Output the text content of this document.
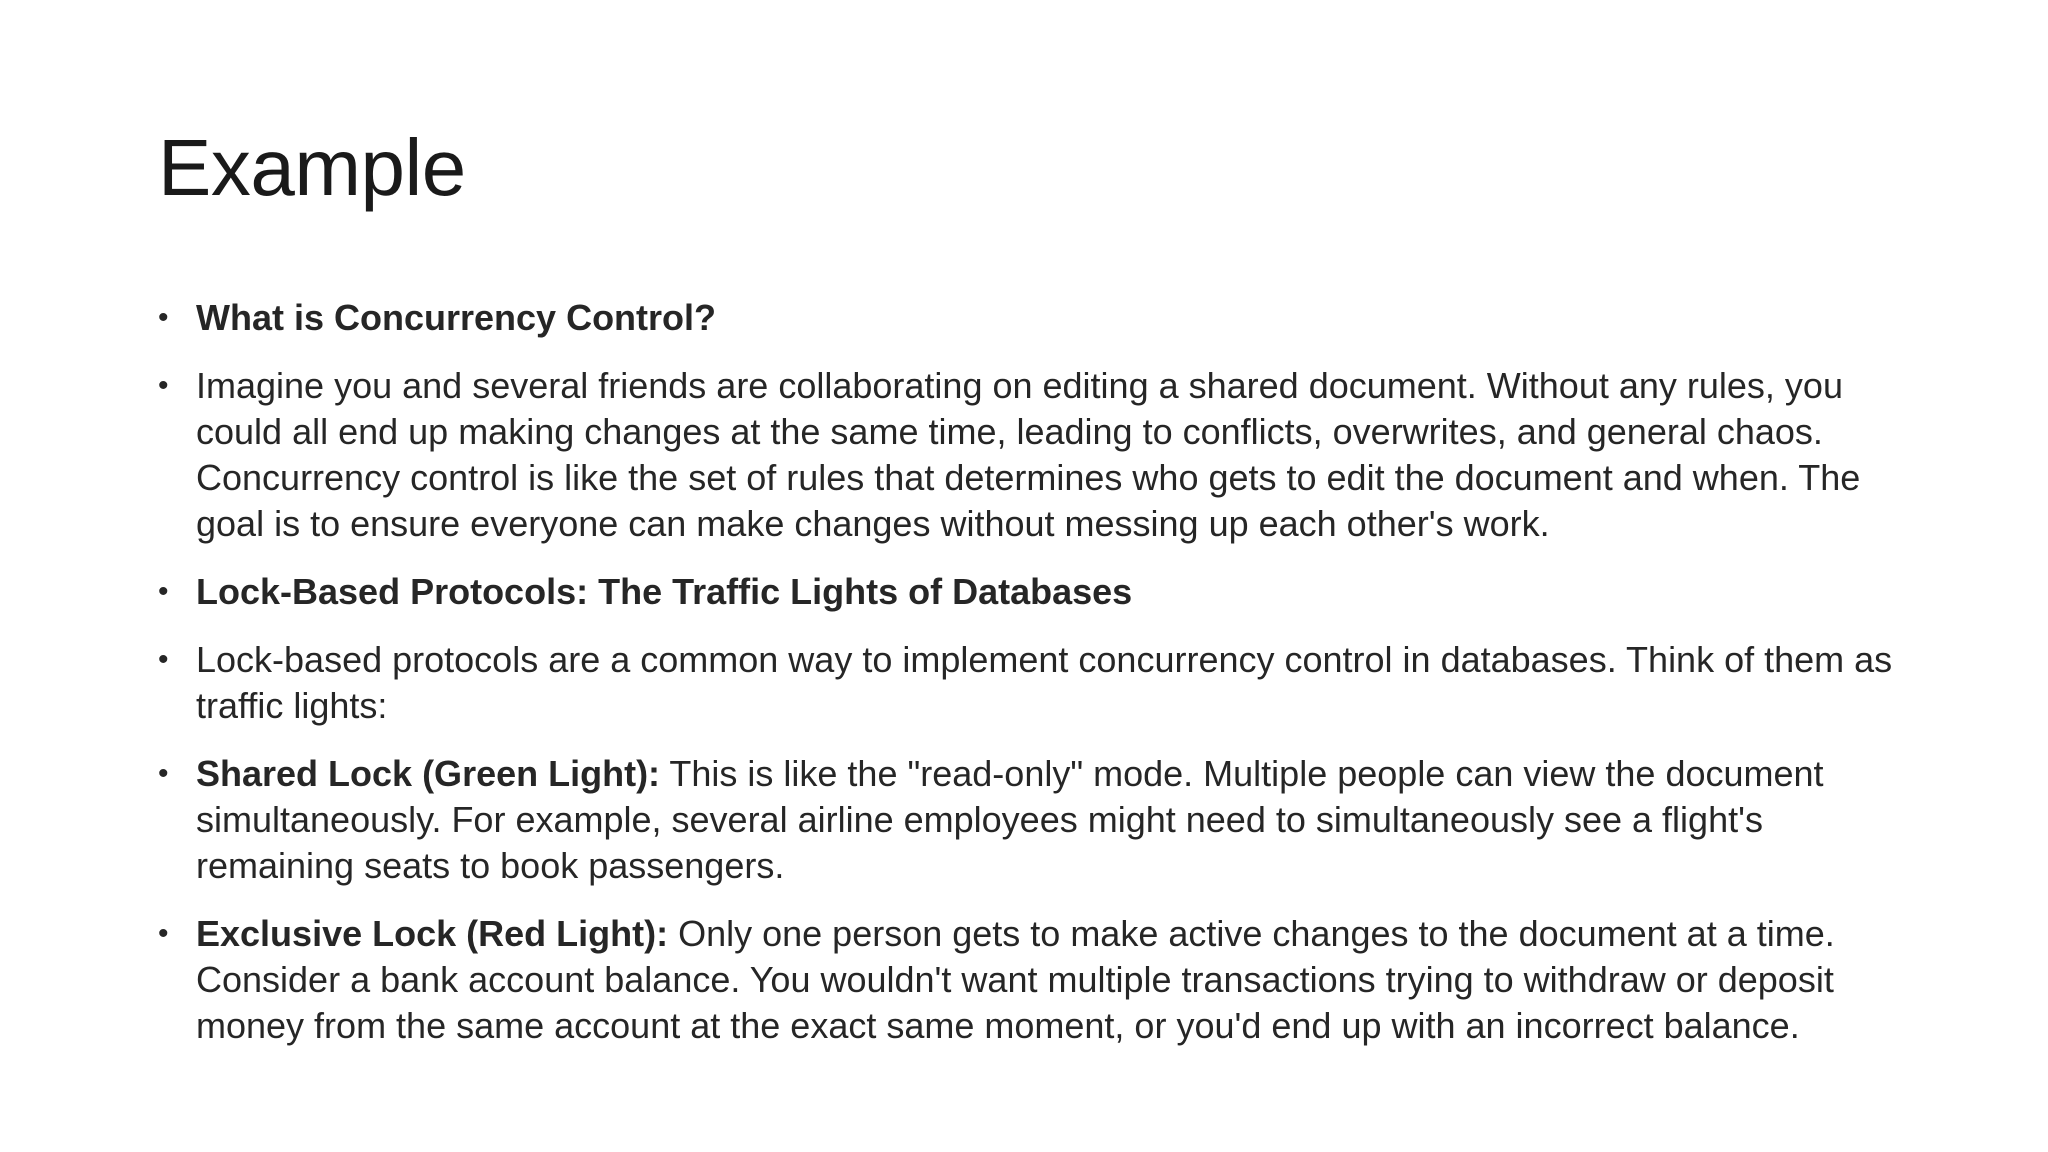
Example
• What is Concurrency Control?
• Imagine you and several friends are collaborating on editing a shared document. Without any rules, you could all end up making changes at the same time, leading to conflicts, overwrites, and general chaos. Concurrency control is like the set of rules that determines who gets to edit the document and when. The goal is to ensure everyone can make changes without messing up each other's work.
• Lock-Based Protocols: The Traffic Lights of Databases
• Lock-based protocols are a common way to implement concurrency control in databases. Think of them as traffic lights:
• Shared Lock (Green Light): This is like the "read-only" mode. Multiple people can view the document simultaneously. For example, several airline employees might need to simultaneously see a flight's remaining seats to book passengers.
• Exclusive Lock (Red Light): Only one person gets to make active changes to the document at a time. Consider a bank account balance. You wouldn't want multiple transactions trying to withdraw or deposit money from the same account at the exact same moment, or you'd end up with an incorrect balance.
